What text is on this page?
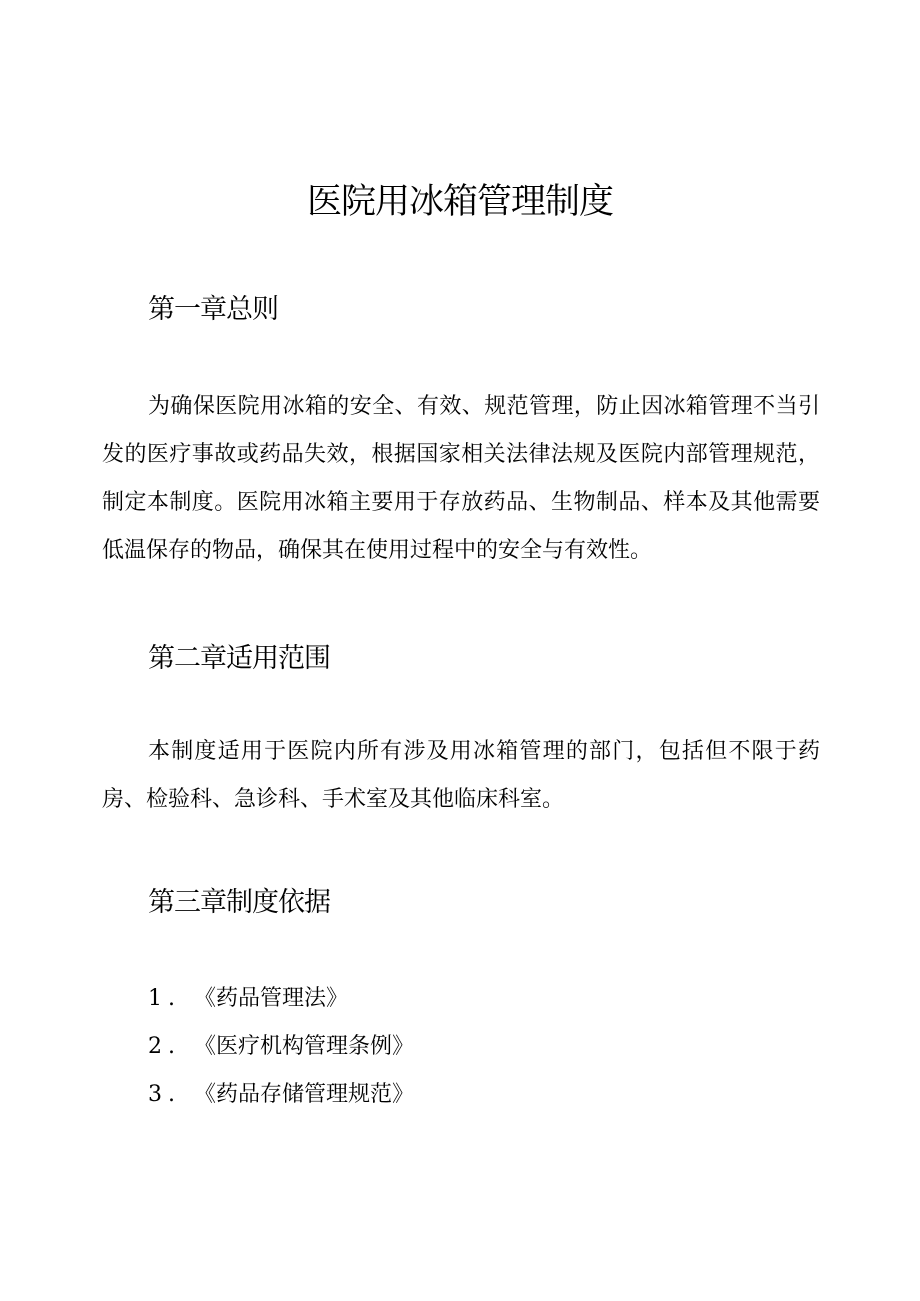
医院用冰箱管理制度
第一章总则

为确保医院用冰箱的安全、有效、规范管理，防止因冰箱管理不当引发的医疗事故或药品失效，根据国家相关法律法规及医院内部管理规范，制定本制度。医院用冰箱主要用于存放药品、生物制品、样本及其他需要低温保存的物品，确保其在使用过程中的安全与有效性。

第二章适用范围

本制度适用于医院内所有涉及用冰箱管理的部门，包括但不限于药房、检验科、急诊科、手术室及其他临床科室。

第三章制度依据
1. 《药品管理法》
2. 《医疗机构管理条例》
3. 《药品存储管理规范》
